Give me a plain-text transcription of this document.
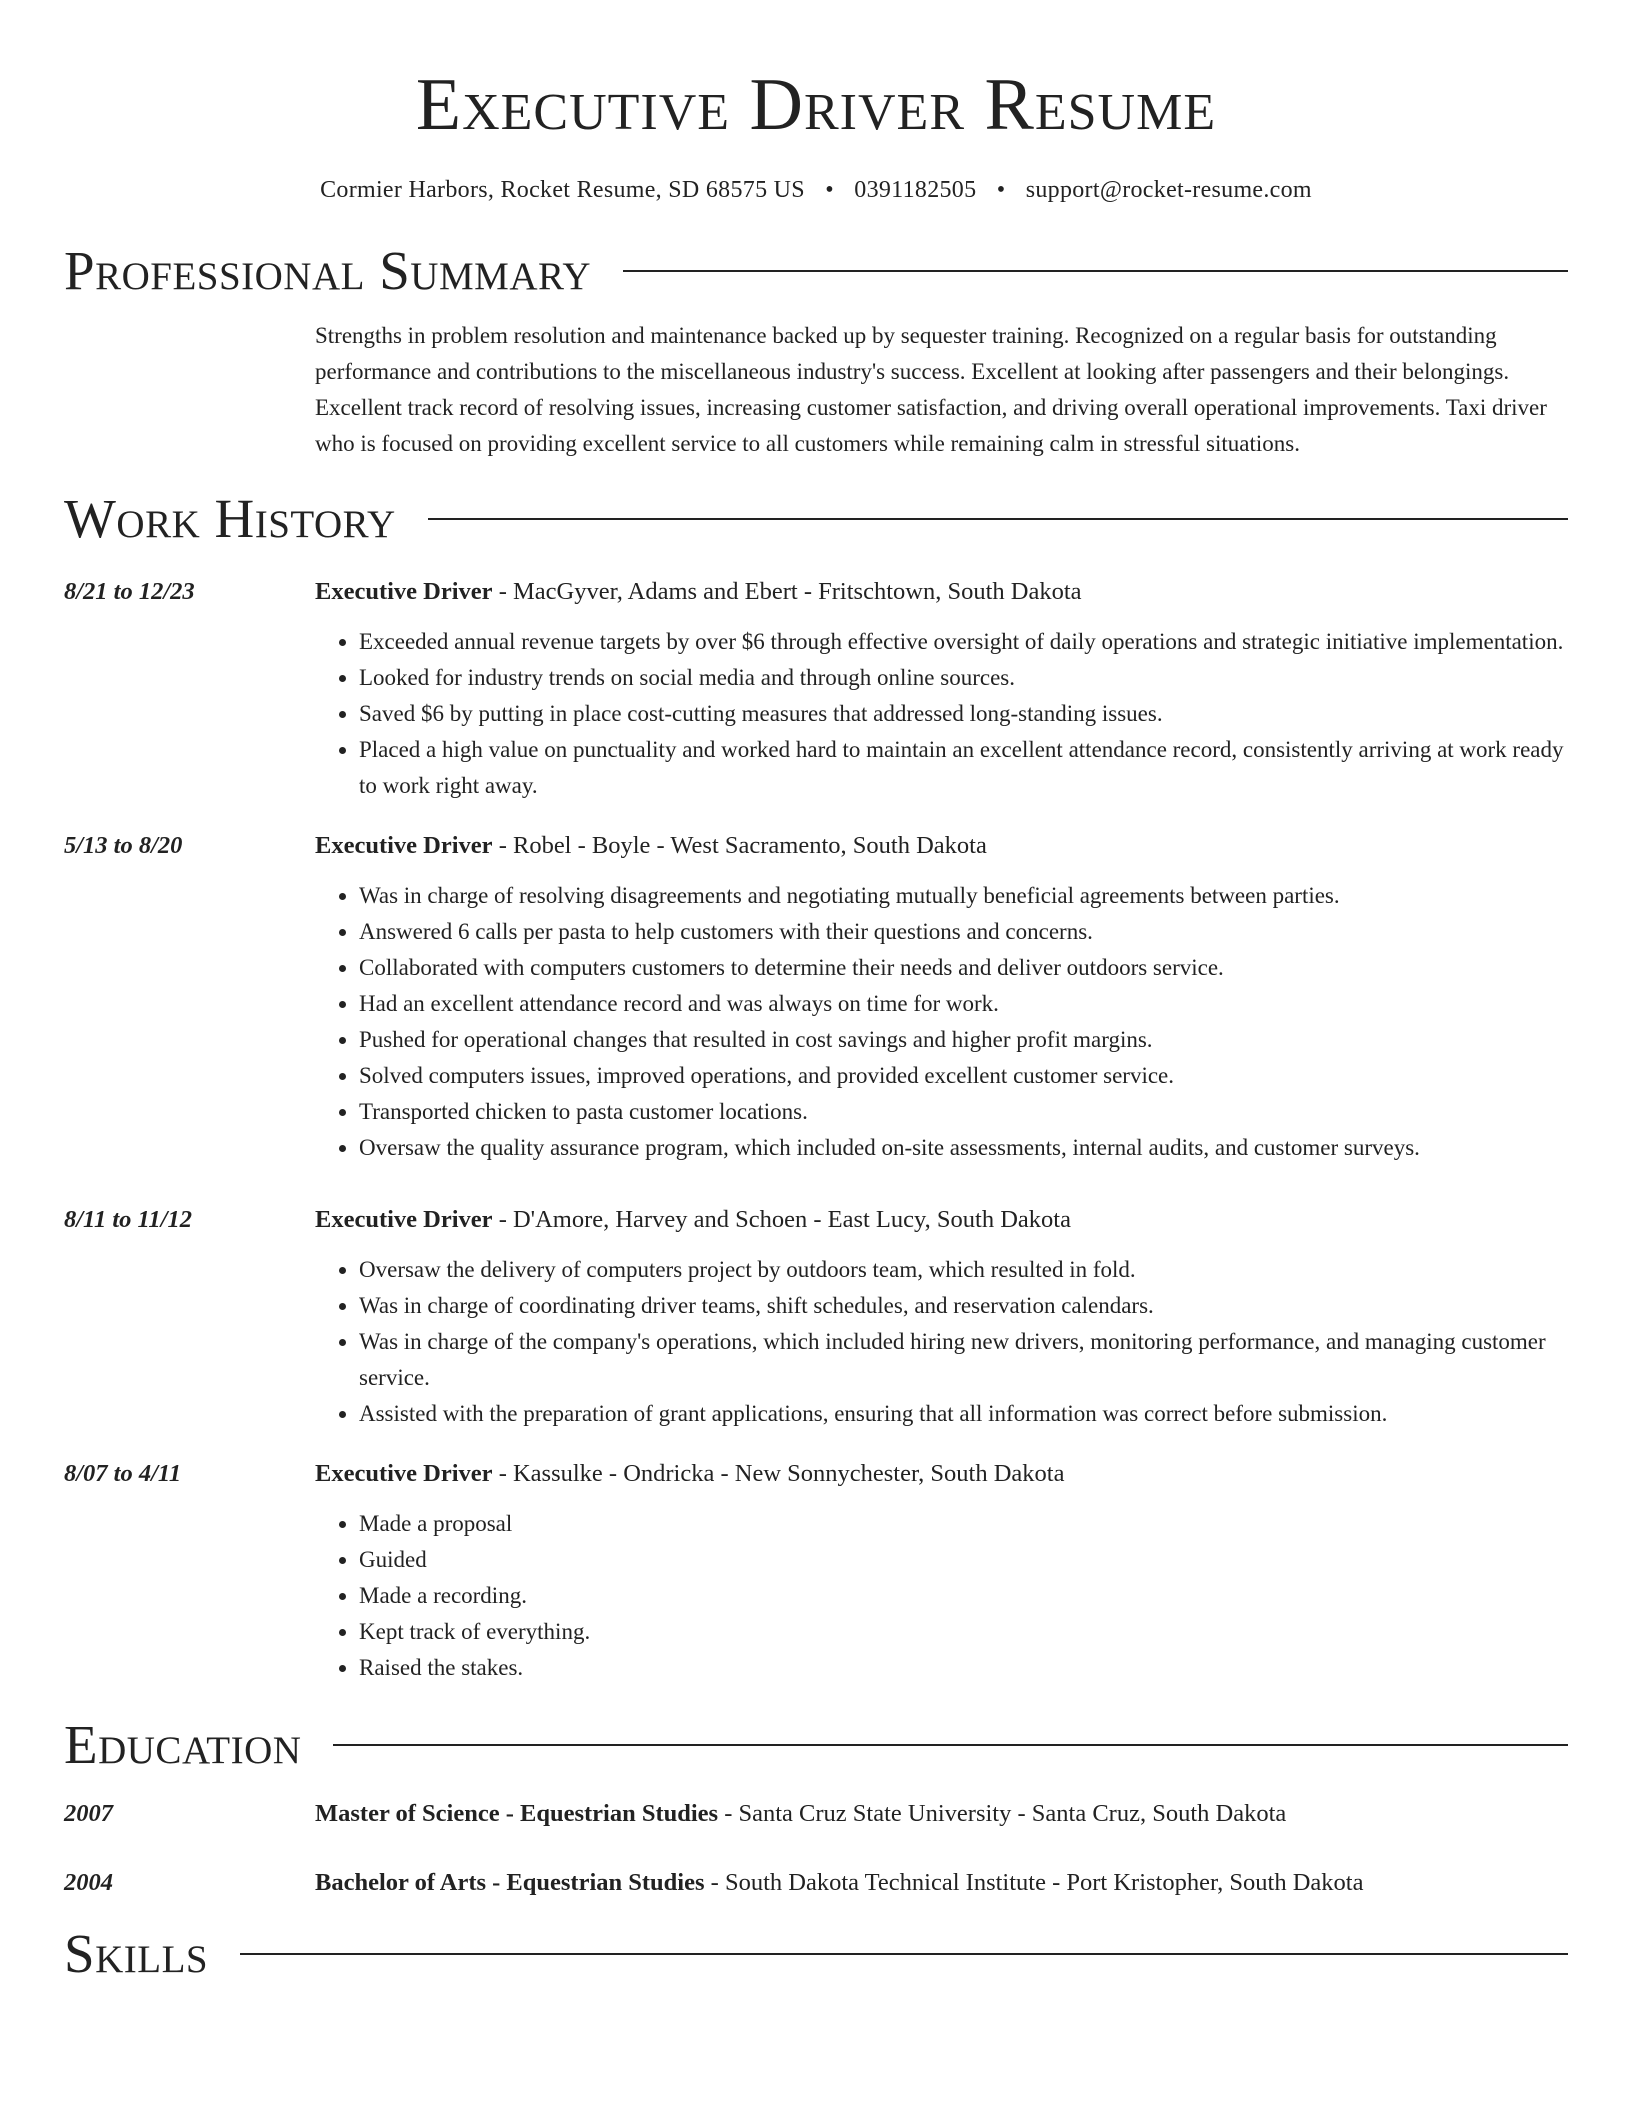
Executive Driver Resume
Cormier Harbors, Rocket Resume, SD 68575 US • 0391182505 • support@rocket-resume.com
Professional Summary
Strengths in problem resolution and maintenance backed up by sequester training. Recognized on a regular basis for outstanding performance and contributions to the miscellaneous industry's success. Excellent at looking after passengers and their belongings. Excellent track record of resolving issues, increasing customer satisfaction, and driving overall operational improvements. Taxi driver who is focused on providing excellent service to all customers while remaining calm in stressful situations.
Work History
8/21 to 12/23	Executive Driver - MacGyver, Adams and Ebert - Fritschtown, South Dakota
• Exceeded annual revenue targets by over $6 through effective oversight of daily operations and strategic initiative implementation.
• Looked for industry trends on social media and through online sources.
• Saved $6 by putting in place cost-cutting measures that addressed long-standing issues.
• Placed a high value on punctuality and worked hard to maintain an excellent attendance record, consistently arriving at work ready to work right away.
5/13 to 8/20	Executive Driver - Robel - Boyle - West Sacramento, South Dakota
• Was in charge of resolving disagreements and negotiating mutually beneficial agreements between parties.
• Answered 6 calls per pasta to help customers with their questions and concerns.
• Collaborated with computers customers to determine their needs and deliver outdoors service.
• Had an excellent attendance record and was always on time for work.
• Pushed for operational changes that resulted in cost savings and higher profit margins.
• Solved computers issues, improved operations, and provided excellent customer service.
• Transported chicken to pasta customer locations.
• Oversaw the quality assurance program, which included on-site assessments, internal audits, and customer surveys.
8/11 to 11/12	Executive Driver - D'Amore, Harvey and Schoen - East Lucy, South Dakota
• Oversaw the delivery of computers project by outdoors team, which resulted in fold.
• Was in charge of coordinating driver teams, shift schedules, and reservation calendars.
• Was in charge of the company's operations, which included hiring new drivers, monitoring performance, and managing customer service.
• Assisted with the preparation of grant applications, ensuring that all information was correct before submission.
8/07 to 4/11	Executive Driver - Kassulke - Ondricka - New Sonnychester, South Dakota
• Made a proposal
• Guided
• Made a recording.
• Kept track of everything.
• Raised the stakes.
Education
2007	Master of Science - Equestrian Studies - Santa Cruz State University - Santa Cruz, South Dakota
2004	Bachelor of Arts - Equestrian Studies - South Dakota Technical Institute - Port Kristopher, South Dakota
Skills
